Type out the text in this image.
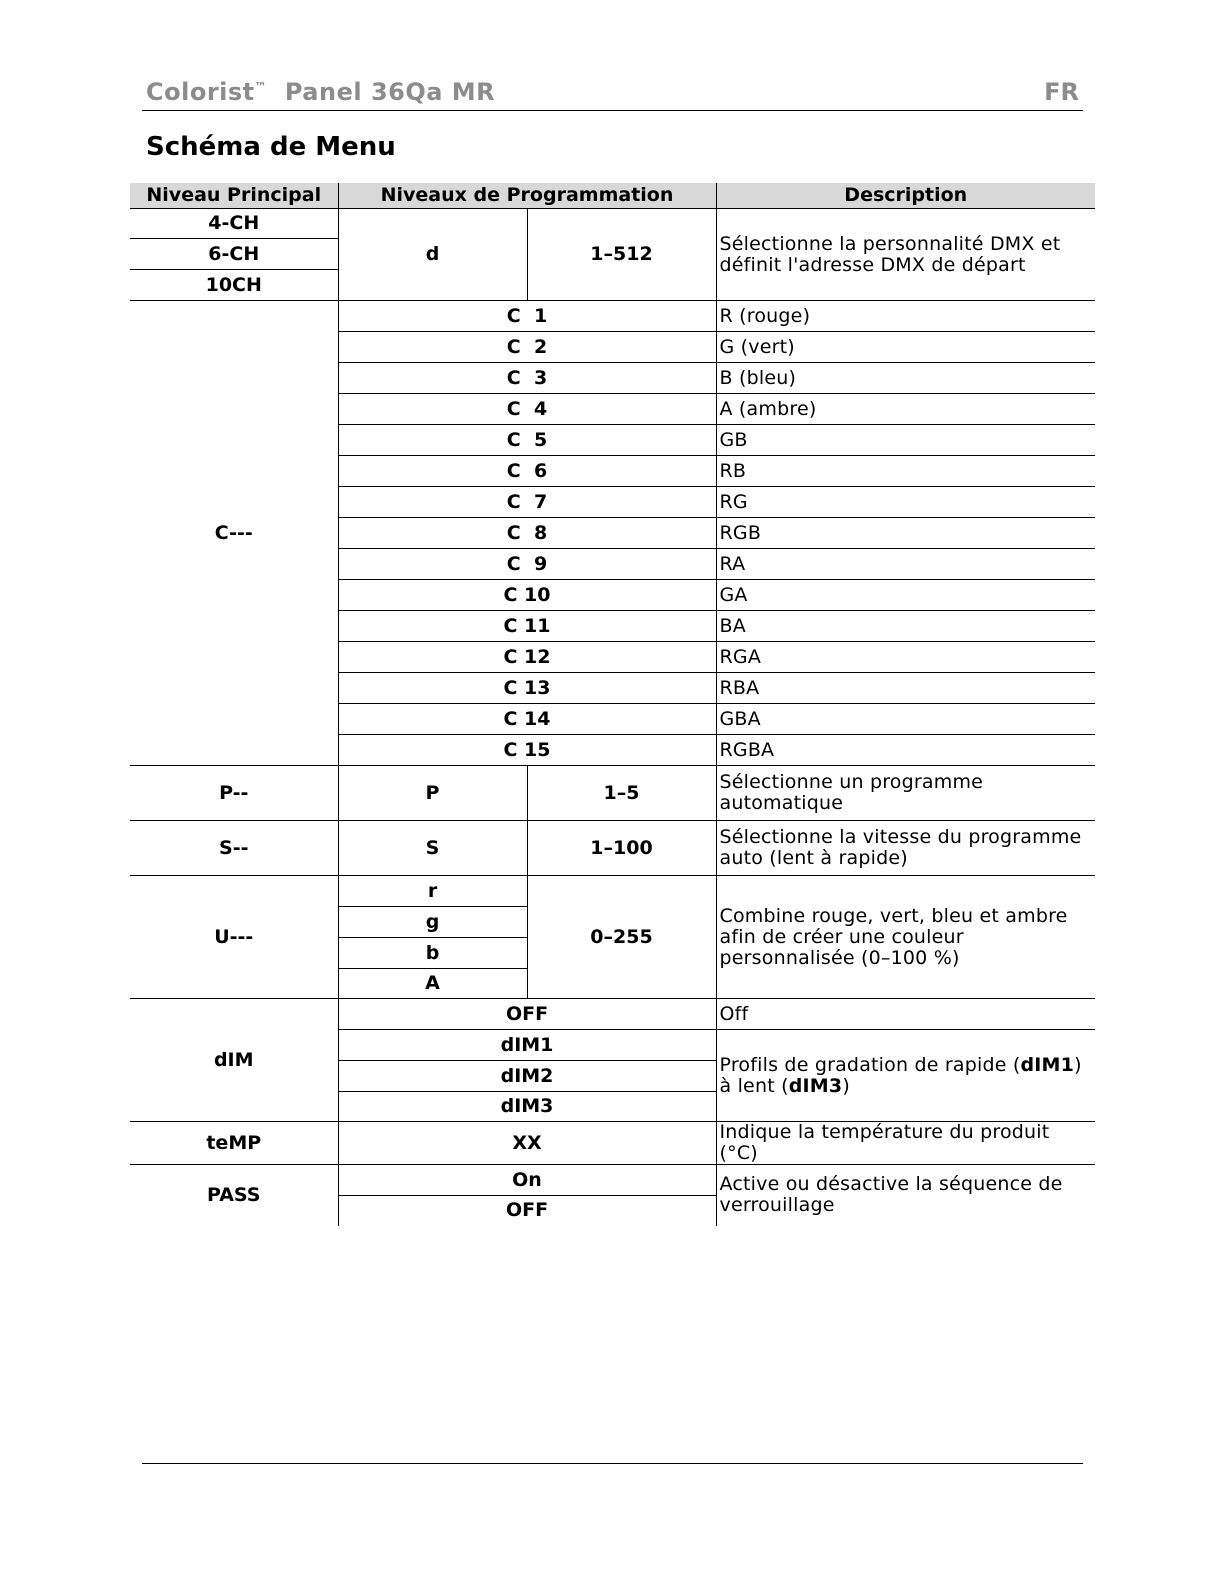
Colorist™ Panel 36Qa MR	FR
Schéma de Menu
Niveau Principal	Niveaux de Programmation		Description
4-CH	d	1–512	Sélectionne la personnalité DMX et définit l'adresse DMX de départ
6-CH			
10CH			
C---	C  1		R (rouge)
	C  2		G (vert)
	C  3		B (bleu)
	C  4		A (ambre)
	C  5		GB
	C  6		RB
	C  7		RG
	C  8		RGB
	C  9		RA
	C 10		GA
	C 11		BA
	C 12		RGA
	C 13		RBA
	C 14		GBA
	C 15		RGBA
P--	P	1–5	Sélectionne un programme automatique
S--	S	1–100	Sélectionne la vitesse du programme auto (lent à rapide)
U---	r	0–255	Combine rouge, vert, bleu et ambre afin de créer une couleur personnalisée (0–100 %)
	g		
	b		
	A		
dIM	OFF		Off
	dIM1		Profils de gradation de rapide (dIM1) à lent (dIM3)
	dIM2		
	dIM3		
teMP	XX		Indique la température du produit (°C)
PASS	On		Active ou désactive la séquence de verrouillage
	OFF		
